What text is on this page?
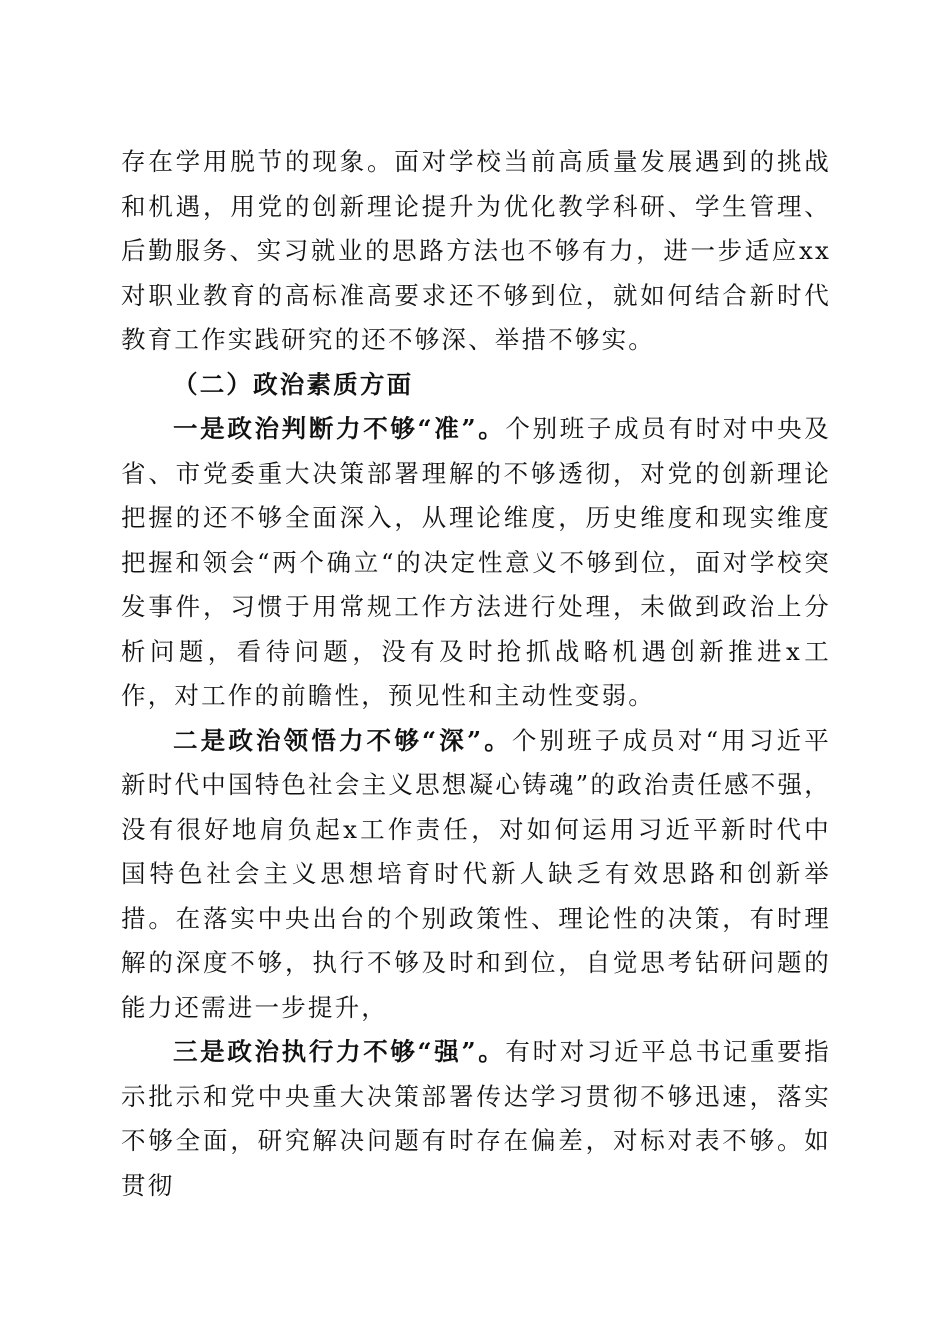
存在学用脱节的现象。面对学校当前高质量发展遇到的挑战和机遇，用党的创新理论提升为优化教学科研、学生管理、后勤服务、实习就业的思路方法也不够有力，进一步适应xx对职业教育的高标准高要求还不够到位，就如何结合新时代教育工作实践研究的还不够深、举措不够实。

（二）政治素质方面

一是政治判断力不够“准”。个别班子成员有时对中央及省、市党委重大决策部署理解的不够透彻，对党的创新理论把握的还不够全面深入，从理论维度，历史维度和现实维度把握和领会“两个确立“的决定性意义不够到位，面对学校突发事件，习惯于用常规工作方法进行处理，未做到政治上分析问题，看待问题，没有及时抢抓战略机遇创新推进x工作，对工作的前瞻性，预见性和主动性变弱。

二是政治领悟力不够“深”。个别班子成员对“用习近平新时代中国特色社会主义思想凝心铸魂”的政治责任感不强，没有很好地肩负起x工作责任，对如何运用习近平新时代中国特色社会主义思想培育时代新人缺乏有效思路和创新举措。在落实中央出台的个别政策性、理论性的决策，有时理解的深度不够，执行不够及时和到位，自觉思考钻研问题的能力还需进一步提升，

三是政治执行力不够“强”。有时对习近平总书记重要指示批示和党中央重大决策部署传达学习贯彻不够迅速，落实不够全面，研究解决问题有时存在偏差，对标对表不够。如贯彻
